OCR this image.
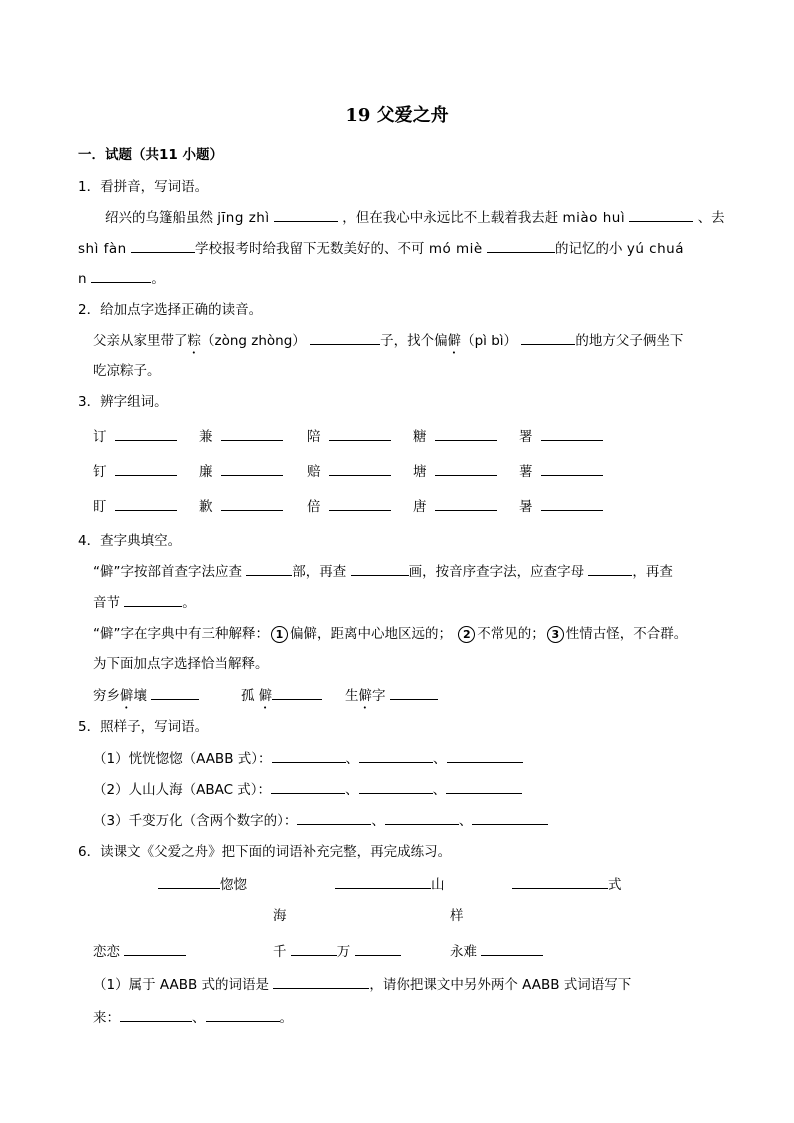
19 父爱之舟
一．试题（共11 小题）
1．看拼音，写词语。
绍兴的乌篷船虽然 jīng zhì	，但在我心中永远比不上载着我去赶 miào huì	、去
shì fàn	学校报考时给我留下无数美好的、不可 mó miè	的记忆的小 yú chuá
n	。
2．给加点字选择正确的读音。
父亲从家里带了粽（zòng zhòng）	子，找个偏僻（pì bì）	的地方父子俩坐下
吃凉粽子。
3．辨字组词。
订	兼	陪	糖	署
钉	廉	赔	塘	薯
盯	歉	倍	唐	暑
4．查字典填空。
“僻”字按部首查字法应查	部，再查	画，按音序查字法，应查字母	，再查
音节	。
“僻”字在字典中有三种解释： 1 偏僻，距离中心地区远的； 2 不常见的； 3 性情古怪，不合群。
为下面加点字选择恰当解释。
穷乡僻壤	孤 僻	生僻字
5．照样子，写词语。
（1）恍恍惚惚（AABB 式）：	、	、
（2）人山人海（ABAC 式）：	、	、
（3）千变万化（含两个数字的）：	、	、
6．读课文《父爱之舟》把下面的词语补充完整，再完成练习。
惚惚	山	式
海	样
恋恋	千	万	永难
（1）属于 AABB 式的词语是	，请你把课文中另外两个 AABB 式词语写下
来：	、	。
